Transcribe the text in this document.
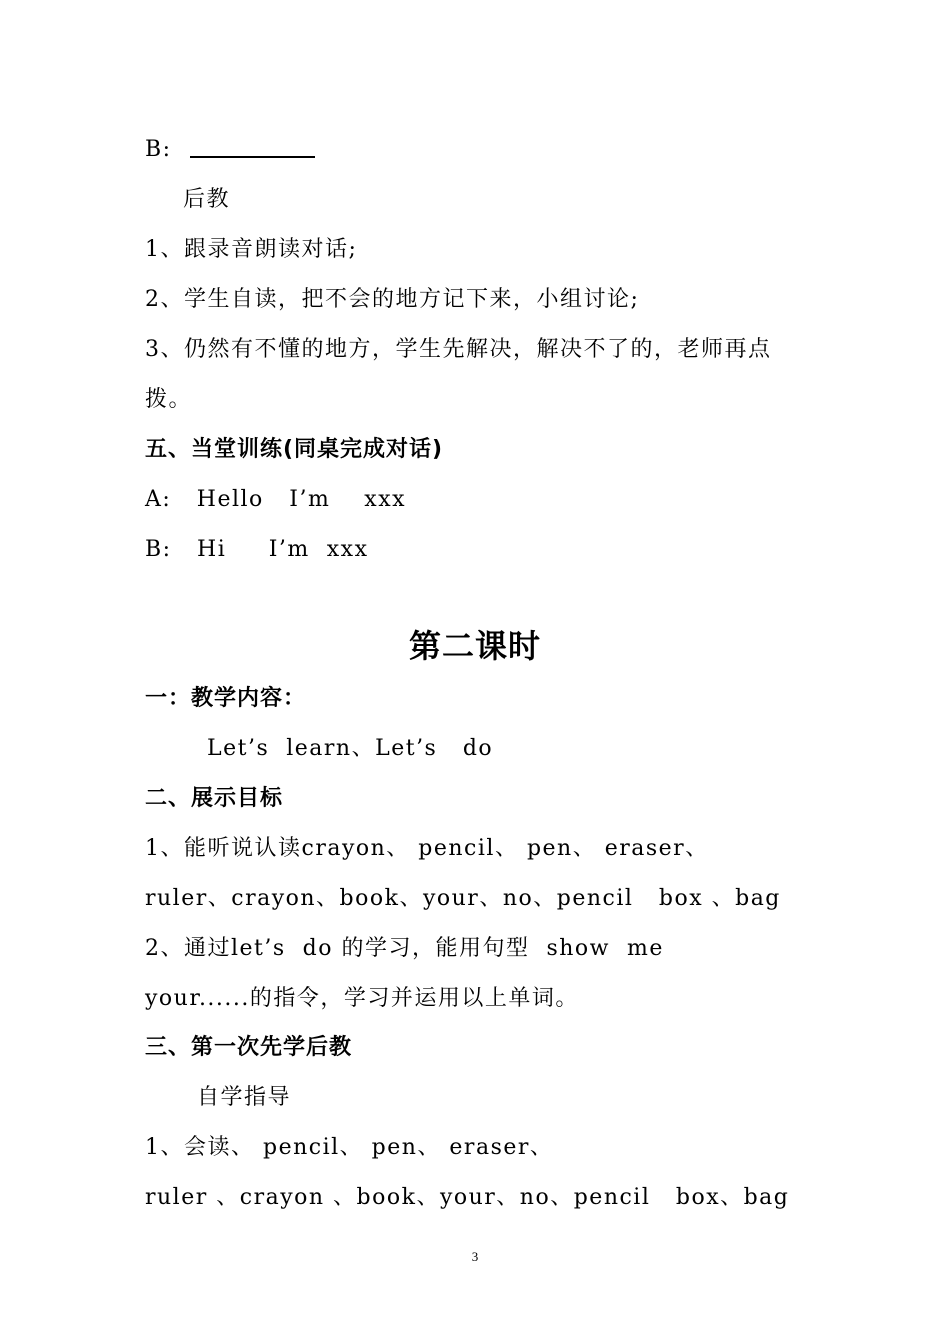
B:
后教
1、跟录音朗读对话;
2、学生自读，把不会的地方记下来，小组讨论;
3、仍然有不懂的地方，学生先解决，解决不了的，老师再点
拨。
五、当堂训练(同桌完成对话)
A:   Hello   I’m    xxx
B:   Hi     I’m  xxx
第二课时
一：教学内容：
Let’s  learn、Let’s   do
二、展示目标
1、能听说认读crayon、 pencil、 pen、 eraser、
ruler、crayon、book、your、no、pencil   box 、bag
2、通过let’s  do 的学习，能用句型  show  me
your......的指令，学习并运用以上单词。
三、第一次先学后教
自学指导
1、会读、 pencil、 pen、 eraser、
ruler 、crayon 、book、your、no、pencil   box、bag
3
